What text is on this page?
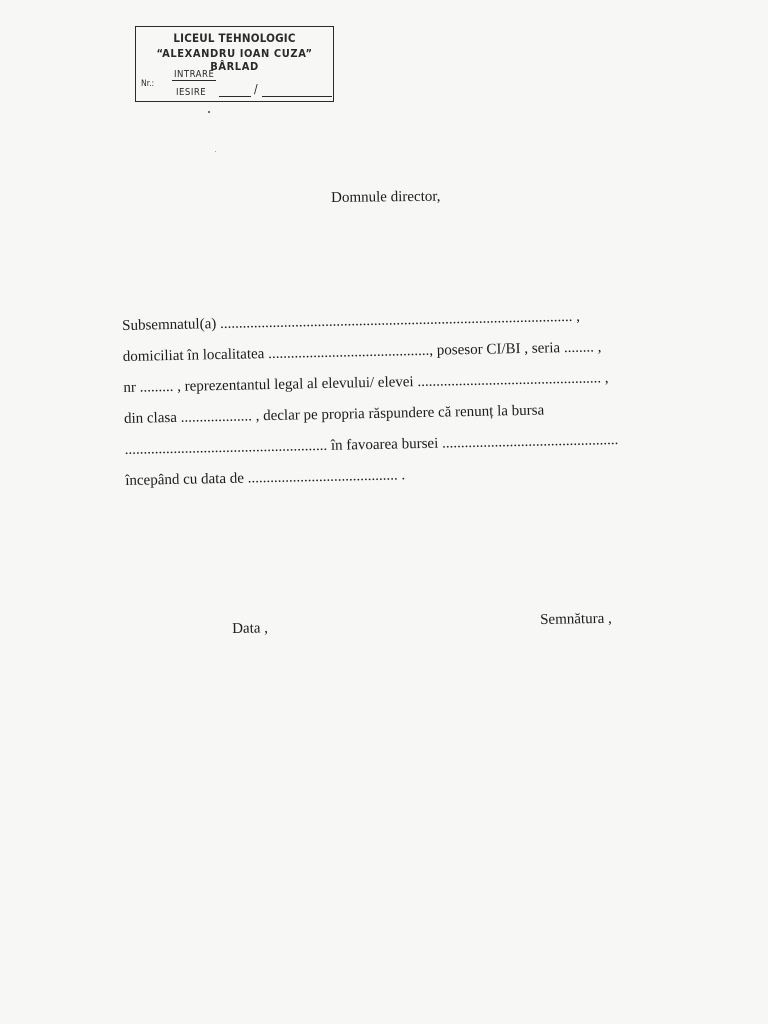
LICEUL TEHNOLOGIC
“ALEXANDRU IOAN CUZA” BÂRLAD
Nr.:
INTRARE
IESIRE	/
Domnule director,
Subsemnatul(a) .............................................................................................. ,
domiciliat în localitatea ..........................................., posesor CI/BI , seria ........ ,
nr ......... , reprezentantul legal al elevului/ elevei ................................................. ,
din clasa ................... , declar pe propria răspundere că renunț la bursa
...................................................... în favoarea bursei ...............................................
începând cu data de ........................................ .
Data ,
Semnătura ,
